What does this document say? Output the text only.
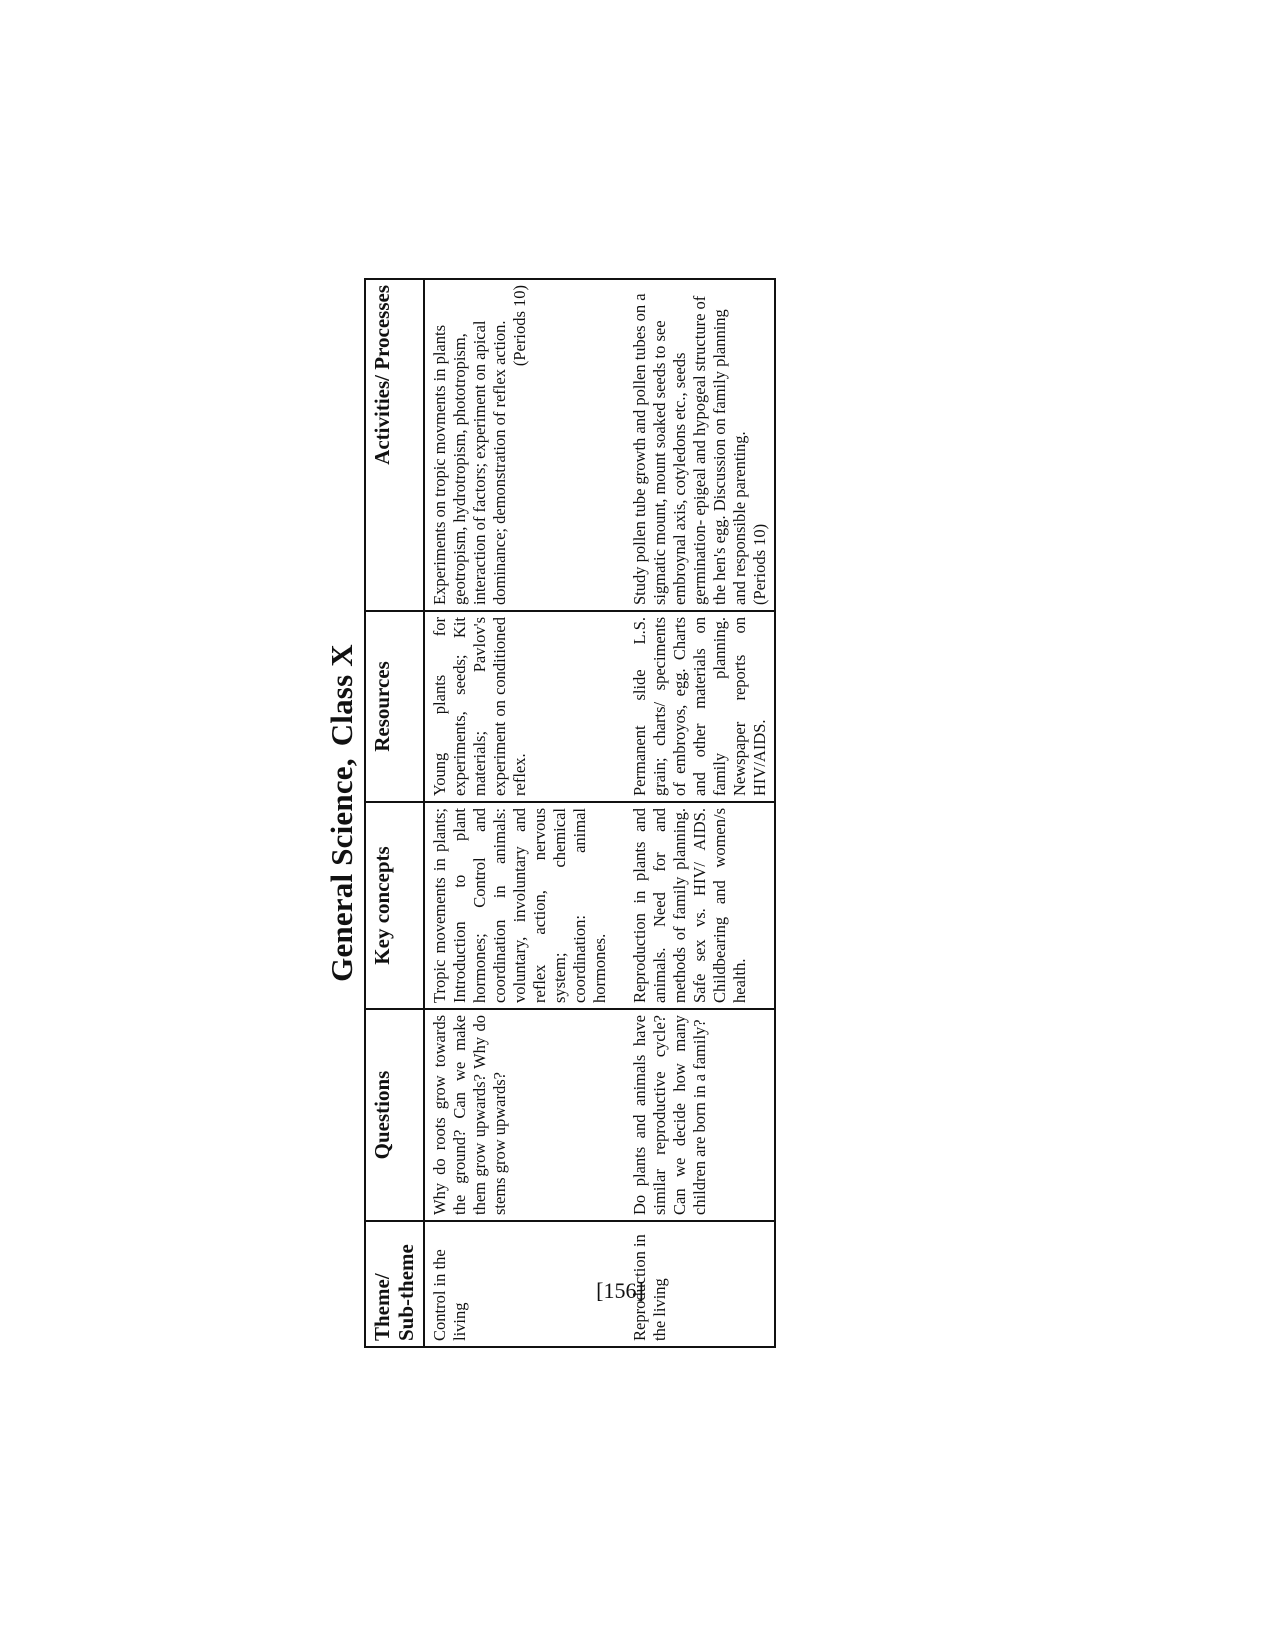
General Science,Class X
Theme/ Sub-theme	Questions	Key concepts	Resources	Activities/ Processes
Control in the living	Why do roots grow towards the ground? Can we make them grow upwards? Why do stems grow upwards?	Tropic movements in plants; Introduction to plant hormones; Control and coordination in animals: voluntary, involuntary and reflex action, nervous system; chemical coordination: animal hormones.	Young plants for experiments, seeds; Kit materials; Pavlov's experiment on conditioned reflex.	Experiments on tropic movments in plants geotropism, hydrotropism, phototropism, interaction of factors; experiment on apical dominance; demonstration of reflex action. (Periods 10)

Reproduction in the living	Do plants and animals have similar reproductive cycle? Can we decide how many children are born in a family?	Reproduction in plants and animals. Need for and methods of family planning. Safe sex vs. HIV/ AIDS. Childbearing and women/s health.	Permanent slide L.S. grain; charts/ speciments of embroyos, egg. Charts and other materials on family planning. Newspaper reports on HIV/AIDS.	Study pollen tube growth and pollen tubes on a sigmatic mount, mount soaked seeds to see embroynal axis, cotyledons etc., seeds germination- epigeal and hypogeal structure of the hen's egg. Discussion on family planning and responsible parenting. (Periods 10)
[156]
